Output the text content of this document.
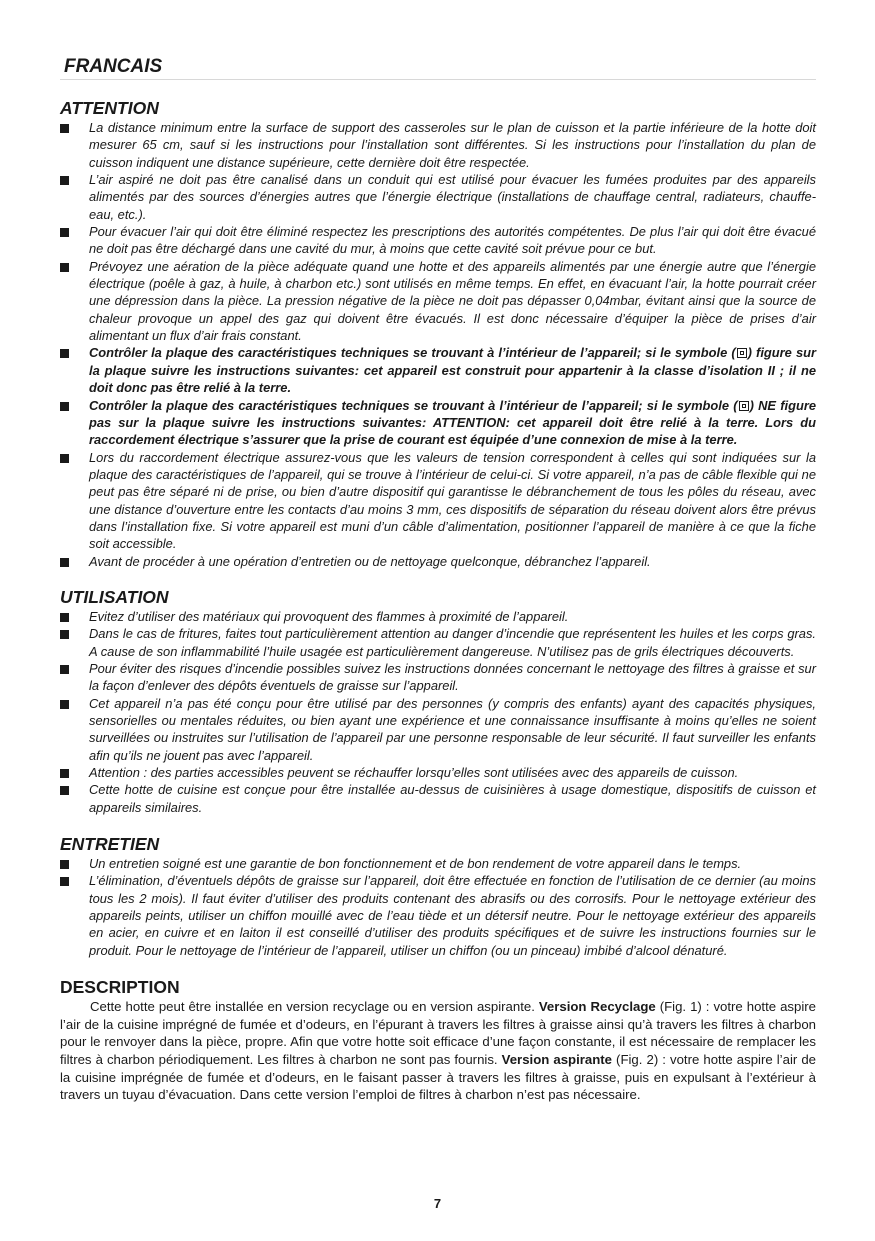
FRANCAIS
ATTENTION
La distance minimum entre la surface de support des casseroles sur le plan de cuisson et la partie inférieure de la hotte doit mesurer 65 cm, sauf si les instructions pour l’installation sont différentes. Si les instructions pour l’installation du plan de cuisson indiquent une distance supérieure, cette dernière doit être respectée.
L’air aspiré ne doit pas être canalisé dans un conduit qui est utilisé pour évacuer les fumées produites par des appareils alimentés par des sources d’énergies autres que l’énergie électrique (installations de chauffage central, radiateurs, chauffe-eau, etc.).
Pour évacuer l’air qui doit être éliminé respectez les prescriptions des autorités compétentes. De plus l’air qui doit être évacué ne doit pas être déchargé dans une cavité du mur, à moins que cette cavité soit prévue pour ce but.
Prévoyez une aération de la pièce adéquate quand une hotte et des appareils alimentés par une énergie autre que l’énergie électrique (poêle à gaz, à huile, à charbon etc.) sont utilisés en même temps. En effet, en évacuant l’air, la hotte pourrait créer une dépression dans la pièce. La pression négative de la pièce ne doit pas dépasser 0,04mbar, évitant ainsi que la source de chaleur provoque un appel des gaz qui doivent être évacués. Il est donc nécessaire d’équiper la pièce de prises d’air alimentant un flux d’air frais constant.
Contrôler la plaque des caractéristiques techniques se trouvant à l’intérieur de l’appareil; si le symbole ( ) figure sur la plaque suivre les instructions suivantes: cet appareil est construit pour appartenir à la classe d’isolation II ; il ne doit donc pas être relié à la terre.
Contrôler la plaque des caractéristiques techniques se trouvant à l’intérieur de l’appareil; si le symbole ( ) NE figure pas sur la plaque suivre les instructions suivantes: ATTENTION: cet appareil doit être relié à la terre. Lors du raccordement électrique s’assurer que la prise de courant est équipée d’une connexion de mise à la terre.
Lors du raccordement électrique assurez-vous que les valeurs de tension correspondent à celles qui sont indiquées sur la plaque des caractéristiques de l’appareil, qui se trouve à l’intérieur de celui-ci. Si votre appareil, n’a pas de câble flexible qui ne peut pas être séparé ni de prise, ou bien d’autre dispositif qui garantisse le débranchement de tous les pôles du réseau, avec une distance d’ouverture entre les contacts d’au moins 3 mm, ces dispositifs de séparation du réseau doivent alors être prévus dans l’installation fixe. Si votre appareil est muni d’un câble d’alimentation, positionner l’appareil de manière à ce que la fiche soit accessible.
Avant de procéder à une opération d’entretien ou de nettoyage quelconque, débranchez l’appareil.
UTILISATION
Evitez d’utiliser des matériaux qui provoquent des flammes à proximité de l’appareil.
Dans le cas de fritures, faites tout particulièrement attention au danger d’incendie que représentent les huiles et les corps gras. A cause de son inflammabilité l’huile usagée est particulièrement dangereuse. N’utilisez pas de grils électriques découverts.
Pour éviter des risques d’incendie possibles suivez les instructions données concernant le nettoyage des filtres à graisse et sur la façon d’enlever des dépôts éventuels de graisse sur l’appareil.
Cet appareil n’a pas été conçu pour être utilisé par des personnes (y compris des enfants) ayant des capacités physiques, sensorielles ou mentales réduites, ou bien ayant une expérience et une connaissance insuffisante à moins qu’elles ne soient surveillées ou instruites sur l’utilisation de l’appareil par une personne responsable de leur sécurité. Il faut surveiller les enfants afin qu’ils ne jouent pas avec l’appareil.
Attention : des parties accessibles peuvent se réchauffer lorsqu’elles sont utilisées avec des appareils de cuisson.
Cette hotte de cuisine est conçue pour être installée au-dessus de cuisinières à usage domestique, dispositifs de cuisson et appareils similaires.
ENTRETIEN
Un entretien soigné est une garantie de bon fonctionnement et de bon rendement de votre appareil dans le temps.
L’élimination, d’éventuels dépôts de graisse sur l’appareil, doit être effectuée en fonction de l’utilisation de ce dernier (au moins tous les 2 mois). Il faut éviter d’utiliser des produits contenant des abrasifs ou des corrosifs. Pour le nettoyage extérieur des appareils peints, utiliser un chiffon mouillé avec de l’eau tiède et un détersif neutre. Pour le nettoyage extérieur des appareils en acier, en cuivre et en laiton il est conseillé d’utiliser des produits spécifiques et de suivre les instructions fournies sur le produit. Pour le nettoyage de l’intérieur de l’appareil, utiliser un chiffon (ou un pinceau) imbibé d’alcool dénaturé.
DESCRIPTION

Cette hotte peut être installée en version recyclage ou en version aspirante. Version Recyclage (Fig. 1) : votre hotte aspire l’air de la cuisine imprégné de fumée et d’odeurs, en l’épurant à travers les filtres à graisse ainsi qu’à travers les filtres à charbon pour le renvoyer dans la pièce, propre. Afin que votre hotte soit efficace d’une façon constante, il est nécessaire de remplacer les filtres à charbon périodiquement. Les filtres à charbon ne sont pas fournis. Version aspirante (Fig. 2) : votre hotte aspire l’air de la cuisine imprégnée de fumée et d’odeurs, en le faisant passer à travers les filtres à graisse, puis en expulsant à l’extérieur à travers un tuyau d’évacuation. Dans cette version l’emploi de filtres à charbon n’est pas nécessaire.

7
